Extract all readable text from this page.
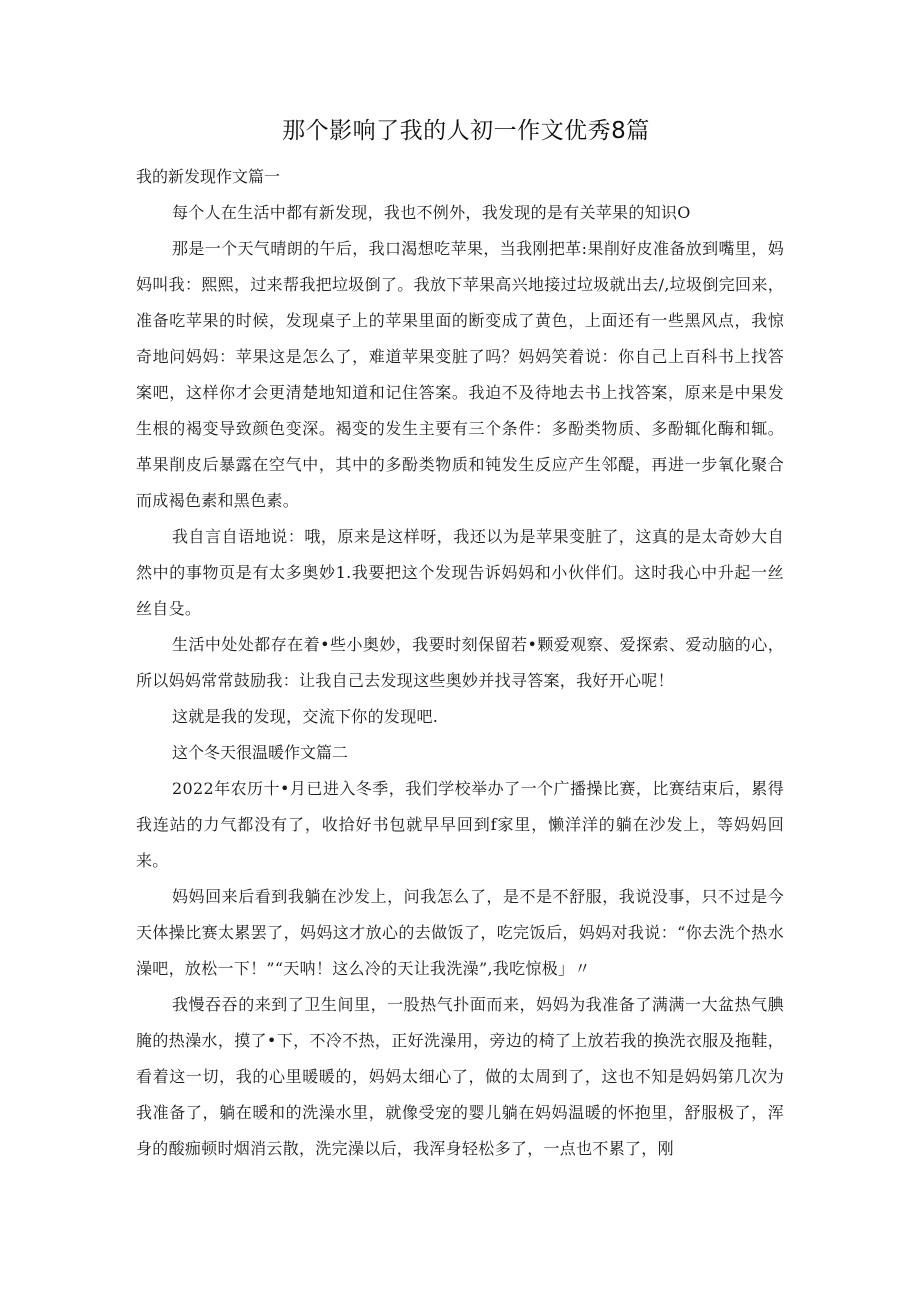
那个影响了我的人初一作文优秀8篇

我的新发现作文篇一

每个人在生活中都有新发现，我也不例外，我发现的是有关苹果的知识O

那是一个天气晴朗的午后，我口渴想吃苹果，当我刚把革:果削好皮准备放到嘴里，妈妈叫我：熙熙，过来帮我把垃圾倒了。我放下苹果高兴地接过垃圾就出去/,垃圾倒完回来，准备吃苹果的时候，发现桌子上的苹果里面的断变成了黄色，上面还有一些黑风点，我惊奇地问妈妈：苹果这是怎么了，难道苹果变脏了吗？妈妈笑着说：你自己上百科书上找答案吧，这样你才会更清楚地知道和记住答案。我迫不及待地去书上找答案，原来是中果发生根的褐变导致颜色变深。褐变的发生主要有三个条件：多酚类物质、多酚辄化酶和辄。革果削皮后暴露在空气中，其中的多酚类物质和钝发生反应产生邻醍，再进一步氧化聚合而成褐色素和黑色素。

我自言自语地说：哦，原来是这样呀，我还以为是苹果变脏了，这真的是太奇妙大自然中的事物页是有太多奥妙1.我要把这个发现告诉妈妈和小伙伴们。这时我心中升起一丝丝自殳。

生活中处处都存在着•些小奥妙，我要时刻保留若•颗爱观察、爱探索、爱动脑的心，所以妈妈常常鼓励我：让我自己去发现这些奥妙并找寻答案，我好开心呢！

这就是我的发现，交流下你的发现吧.

这个冬天很温暖作文篇二

2022年农历十•月已进入冬季，我们学校举办了一个广播操比赛，比赛结束后，累得我连站的力气都没有了，收拾好书包就早早回到f家里，懒洋洋的躺在沙发上，等妈妈回来。

妈妈回来后看到我躺在沙发上，问我怎么了，是不是不舒服，我说没事，只不过是今天体操比赛太累罢了，妈妈这才放心的去做饭了，吃完饭后，妈妈对我说：“你去洗个热水澡吧，放松一下！”“天呐！这么冷的天让我洗澡”,我吃惊极」〃

我慢吞吞的来到了卫生间里，一股热气扑面而来，妈妈为我准备了满满一大盆热气腆腌的热澡水，摸了•下，不冷不热，正好洗澡用，旁边的椅了上放若我的换洗衣服及拖鞋，看着这一切，我的心里暖暖的，妈妈太细心了，做的太周到了，这也不知是妈妈第几次为我准备了，躺在暖和的洗澡水里，就像受宠的婴儿躺在妈妈温暖的怀抱里，舒服极了，浑身的酸痂顿时烟消云散，洗完澡以后，我浑身轻松多了，一点也不累了，刚
